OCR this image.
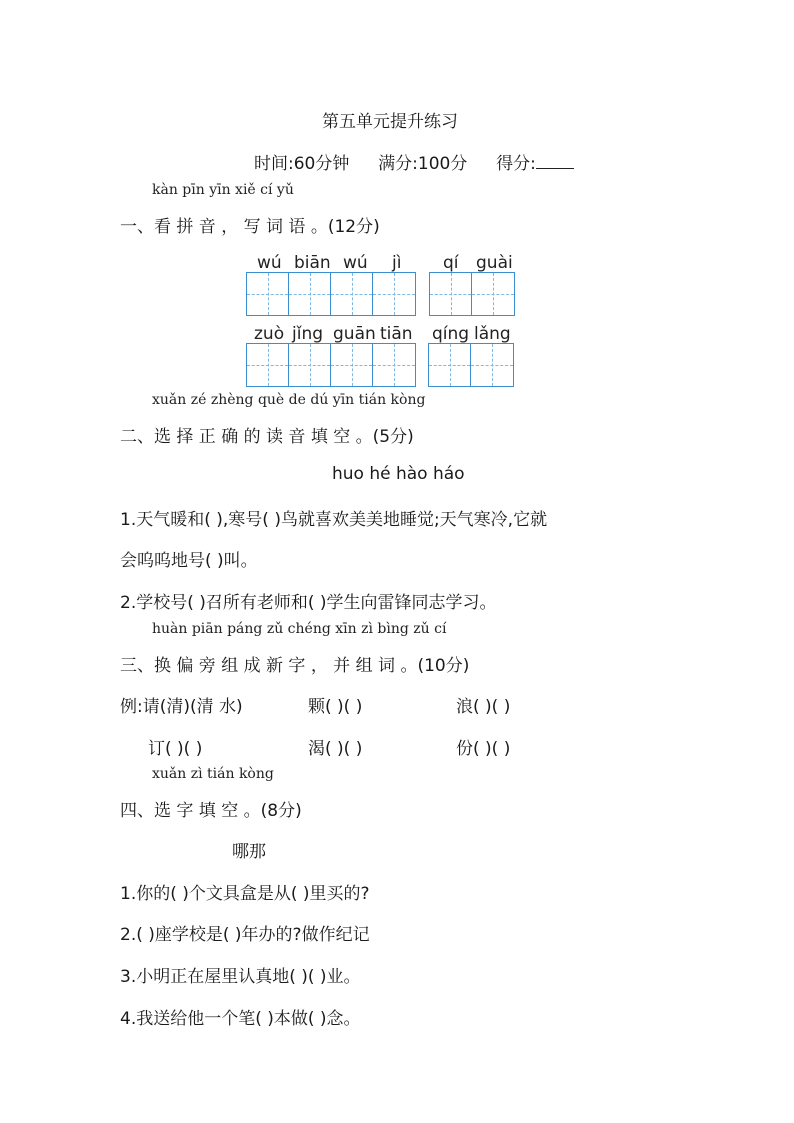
第五单元提升练习
时间:60分钟 满分:100分 得分:
kàn pīn yīn xiě cí yǔ
一、看 拼 音 ， 写 词 语 。(12分)
wú biān wú jì qí guài
zuò jǐng guān tiān qíng lǎng
xuǎn zé zhèng què de dú yīn tián kòng
二、选 择 正 确 的 读 音 填 空 。(5分)
huo hé hào háo
1.天气暖和( ),寒号( )鸟就喜欢美美地睡觉;天气寒冷,它就
会呜呜地号( )叫。
2.学校号( )召所有老师和( )学生向雷锋同志学习。
huàn piān páng zǔ chéng xīn zì bìng zǔ cí
三、换 偏 旁 组 成 新 字 ， 并 组 词 。(10分)
例:请(清)(清 水)	颗( )( )	浪( )( )
订( )( )	渴( )( )	份( )( )
xuǎn zì tián kòng
四、选 字 填 空 。(8分)
哪那
1.你的( )个文具盒是从( )里买的?
2.( )座学校是( )年办的?做作纪记
3.小明正在屋里认真地( )( )业。
4.我送给他一个笔( )本做( )念。
